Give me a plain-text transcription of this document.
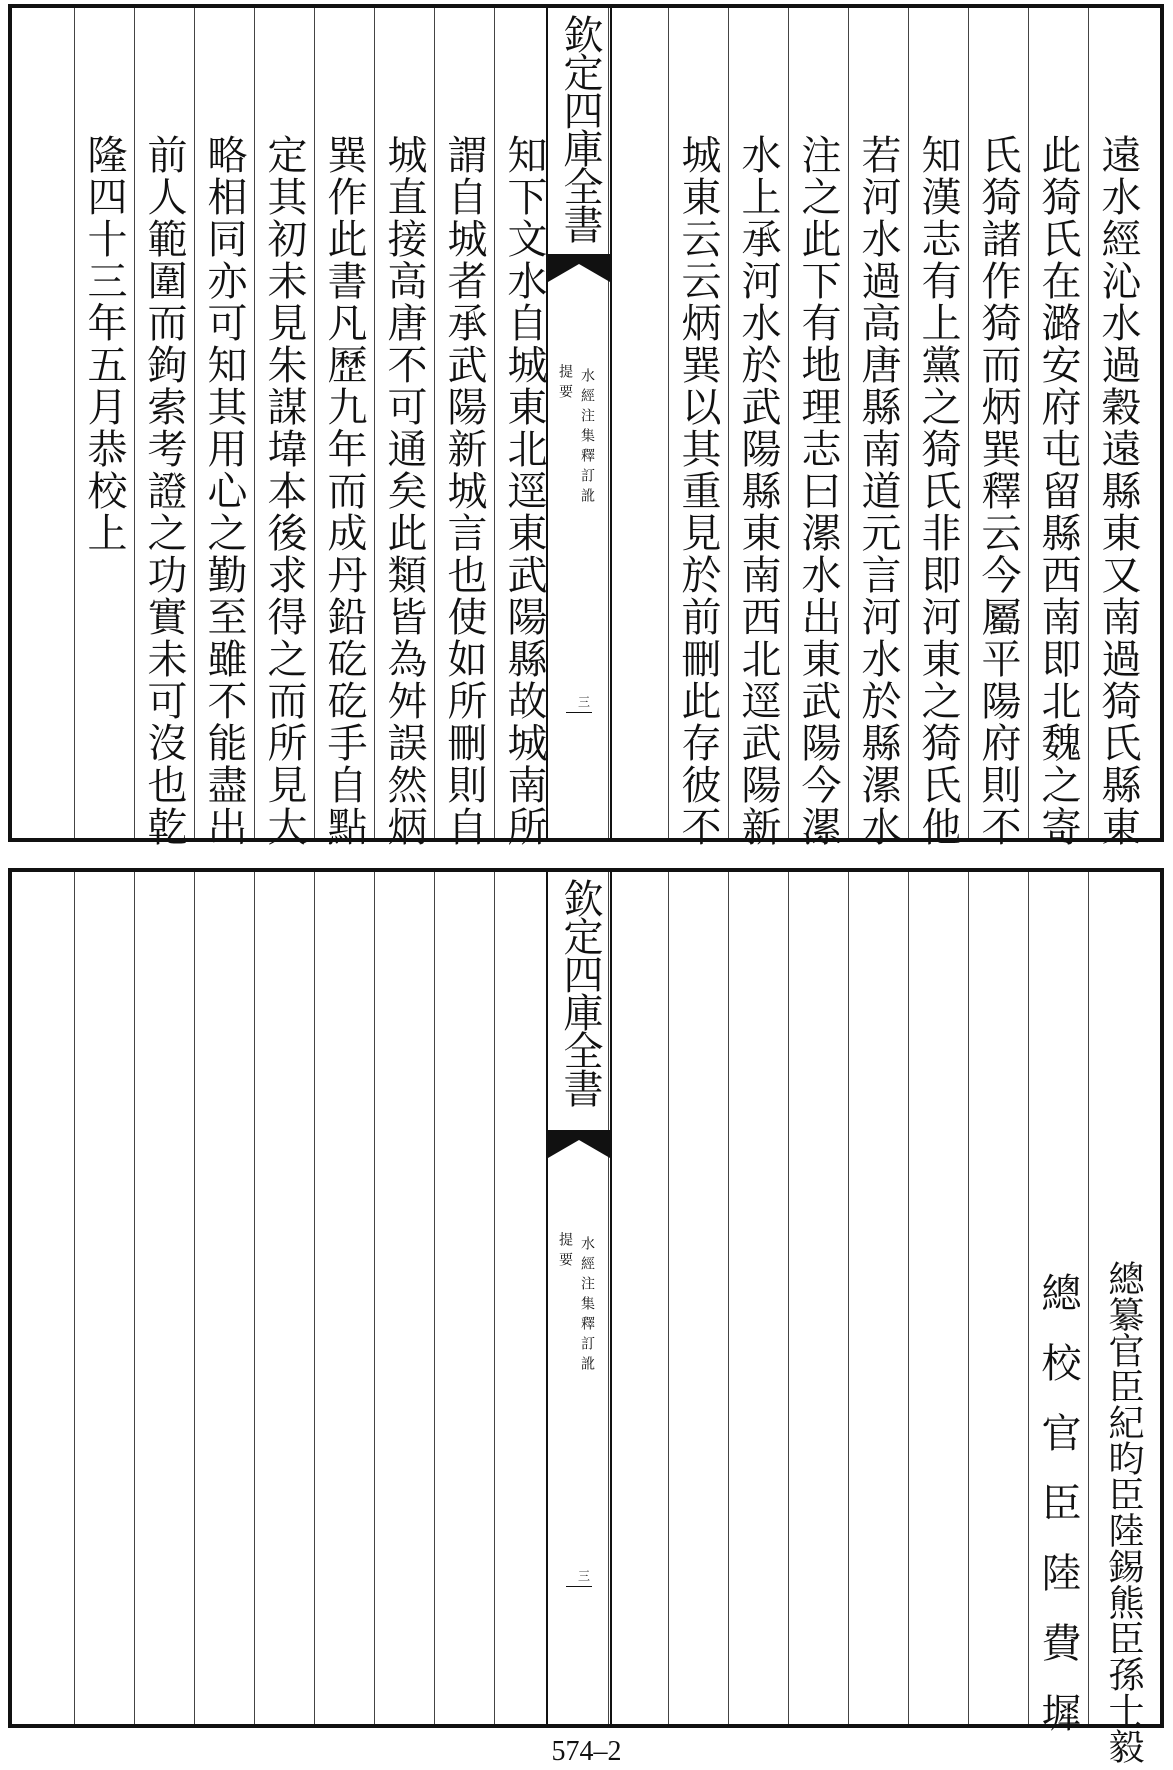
欽定四庫全書
水經注集釋訂訛
提要
三	遠水經沁水過穀遠縣東又南過猗氏縣東
此猗氏在潞安府屯留縣西南即北魏之寄
氏猗諸作猗而炳巽釋云今屬平陽府則不
知漢志有上黨之猗氏非即河東之猗氏他
若河水過高唐縣南道元言河水於縣漯水
注之此下有地理志曰漯水出東武陽今漯
水上承河水於武陽縣東南西北逕武陽新
城東云云炳巽以其重見於前刪此存彼不
知下文水自城東北逕東武陽縣故城南所
謂自城者承武陽新城言也使如所刪則自
城直接高唐不可通矣此類皆為舛誤然炳
巽作此書凡歷九年而成丹鉛矻矻手自點
定其初未見朱謀㙔本後求得之而所見大
略相同亦可知其用心之勤至雖不能盡出
前人範圍而鉤索考證之功實未可沒也乾
隆四十三年五月恭校上
欽定四庫全書
水經注集釋訂訛
提要
三	總纂官臣紀昀臣陸錫熊臣孫士毅
總校官臣陸費墀
574–2
